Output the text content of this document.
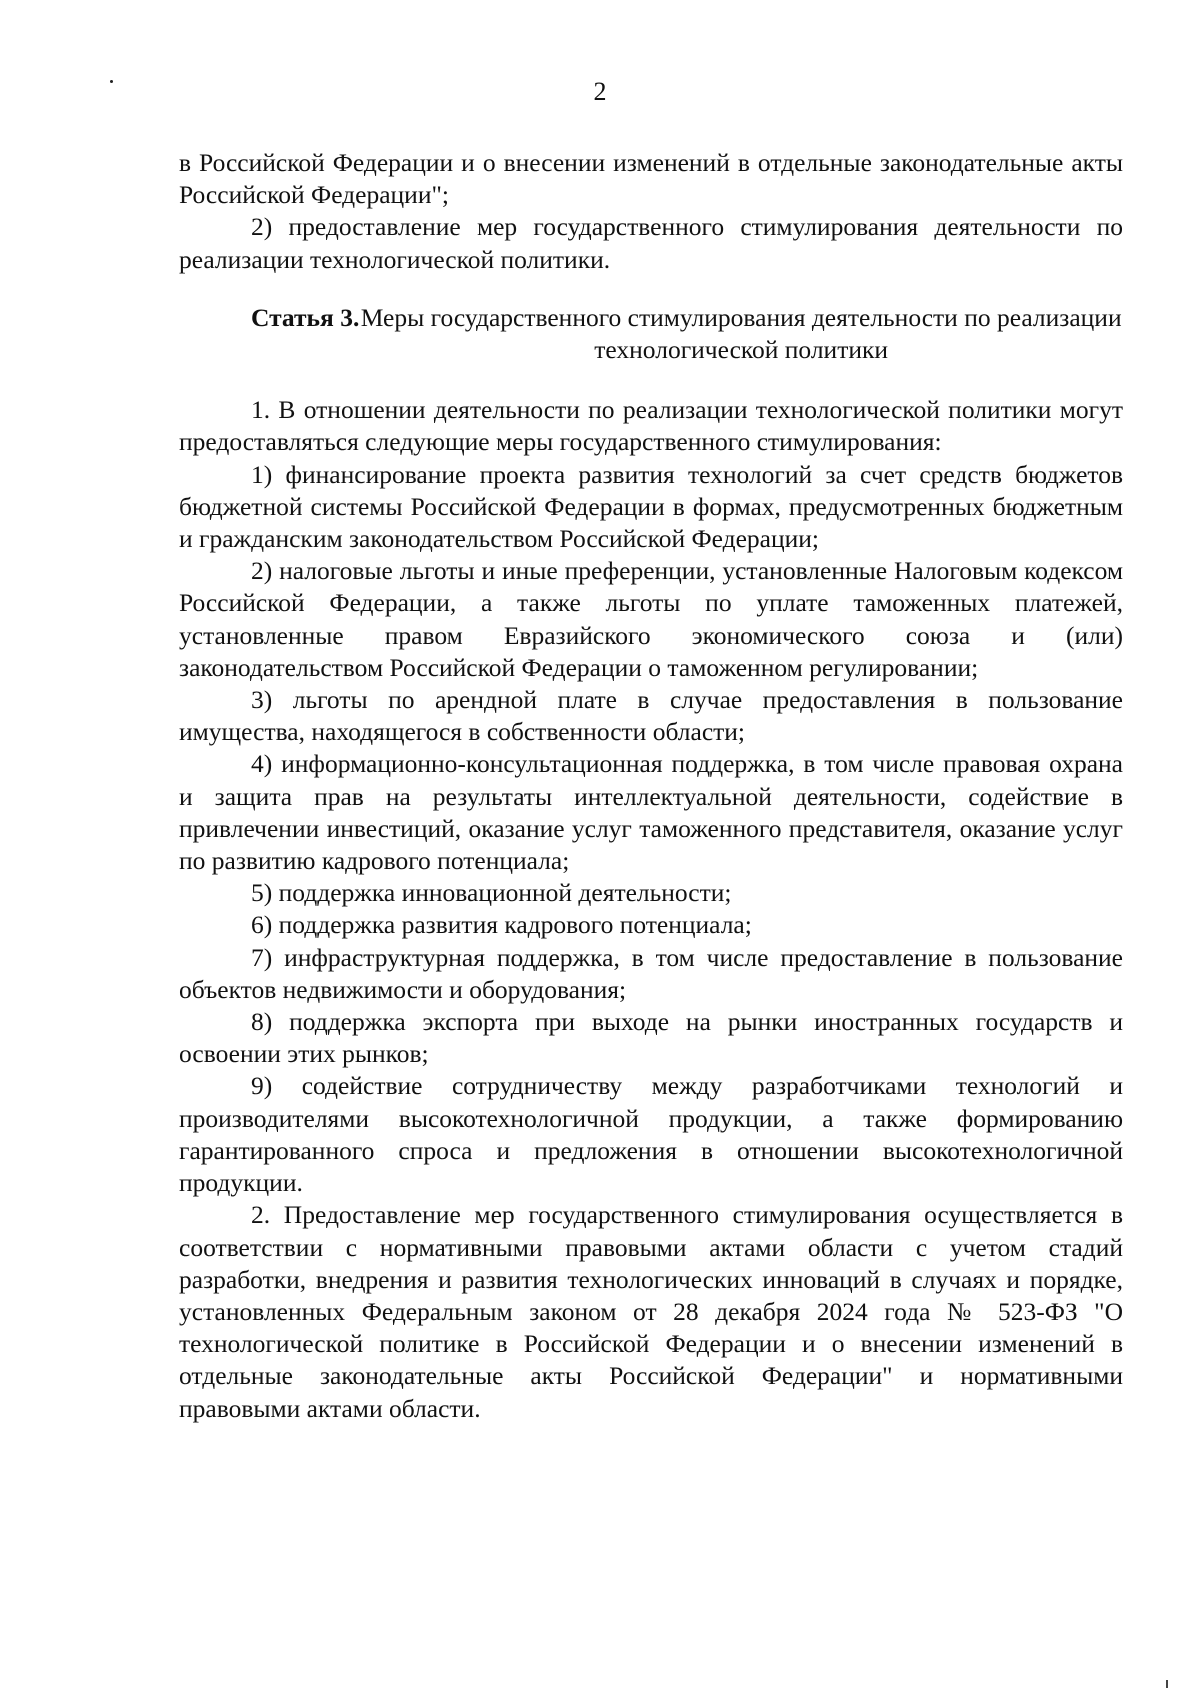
2

в Российской Федерации и о внесении изменений в отдельные законодательные акты Российской Федерации";

2) предоставление мер государственного стимулирования деятельности по реализации технологической политики.

Статья 3. Меры государственного стимулирования деятельности по реализации технологической политики

1. В отношении деятельности по реализации технологической политики могут предоставляться следующие меры государственного стимулирования:

1) финансирование проекта развития технологий за счет средств бюджетов бюджетной системы Российской Федерации в формах, предусмотренных бюджетным и гражданским законодательством Российской Федерации;

2) налоговые льготы и иные преференции, установленные Налоговым кодексом Российской Федерации, а также льготы по уплате таможенных платежей, установленные правом Евразийского экономического союза и (или) законодательством Российской Федерации о таможенном регулировании;

3) льготы по арендной плате в случае предоставления в пользование имущества, находящегося в собственности области;

4) информационно-консультационная поддержка, в том числе правовая охрана и защита прав на результаты интеллектуальной деятельности, содействие в привлечении инвестиций, оказание услуг таможенного представителя, оказание услуг по развитию кадрового потенциала;

5) поддержка инновационной деятельности;

6) поддержка развития кадрового потенциала;

7) инфраструктурная поддержка, в том числе предоставление в пользование объектов недвижимости и оборудования;

8) поддержка экспорта при выходе на рынки иностранных государств и освоении этих рынков;

9) содействие сотрудничеству между разработчиками технологий и производителями высокотехнологичной продукции, а также формированию гарантированного спроса и предложения в отношении высокотехнологичной продукции.

2. Предоставление мер государственного стимулирования осуществляется в соответствии с нормативными правовыми актами области с учетом стадий разработки, внедрения и развития технологических инноваций в случаях и порядке, установленных Федеральным законом от 28 декабря 2024 года № 523-ФЗ "О технологической политике в Российской Федерации и о внесении изменений в отдельные законодательные акты Российской Федерации" и нормативными правовыми актами области.
